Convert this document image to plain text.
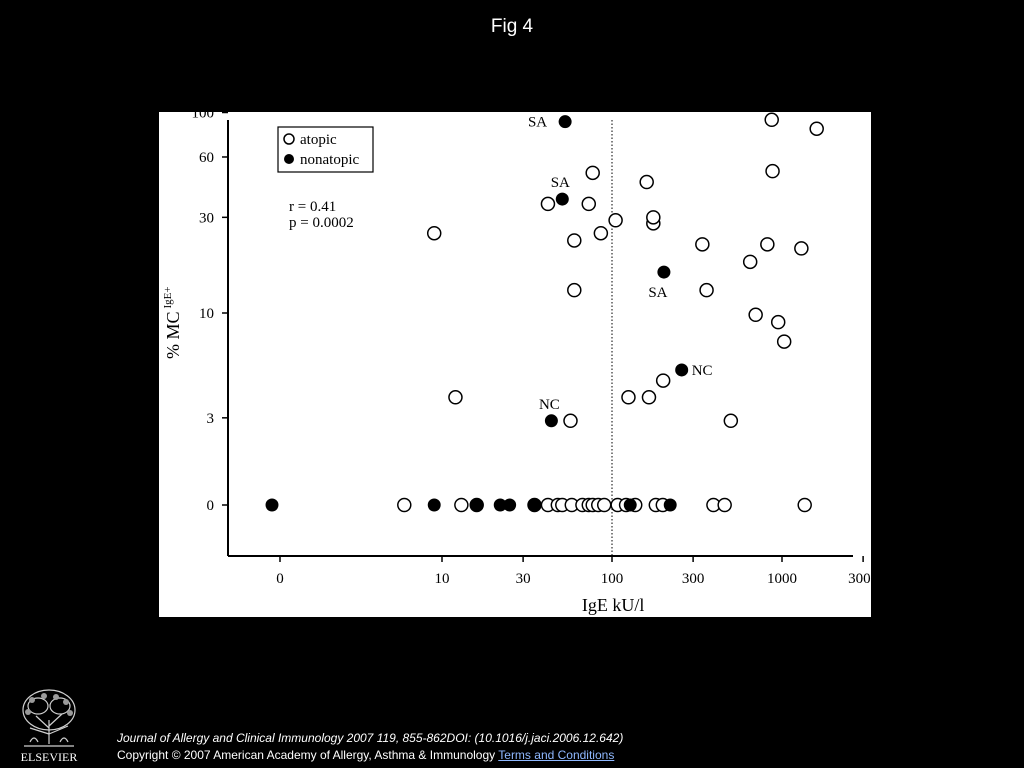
Fig 4
0
3
10
30
60
100
0	10	30	100	300	1000	3000
IgE kU/l
% $MC^{IgE+}$
atopic
nonatopic
r = 0.41
p = 0.0002
SA
SA
SA
NC
NC
ELSEVIER
Journal of Allergy and Clinical Immunology 2007 119, 855-862DOI: (10.1016/j.jaci.2006.12.642)
Copyright © 2007 American Academy of Allergy, Asthma & Immunology Terms and Conditions
